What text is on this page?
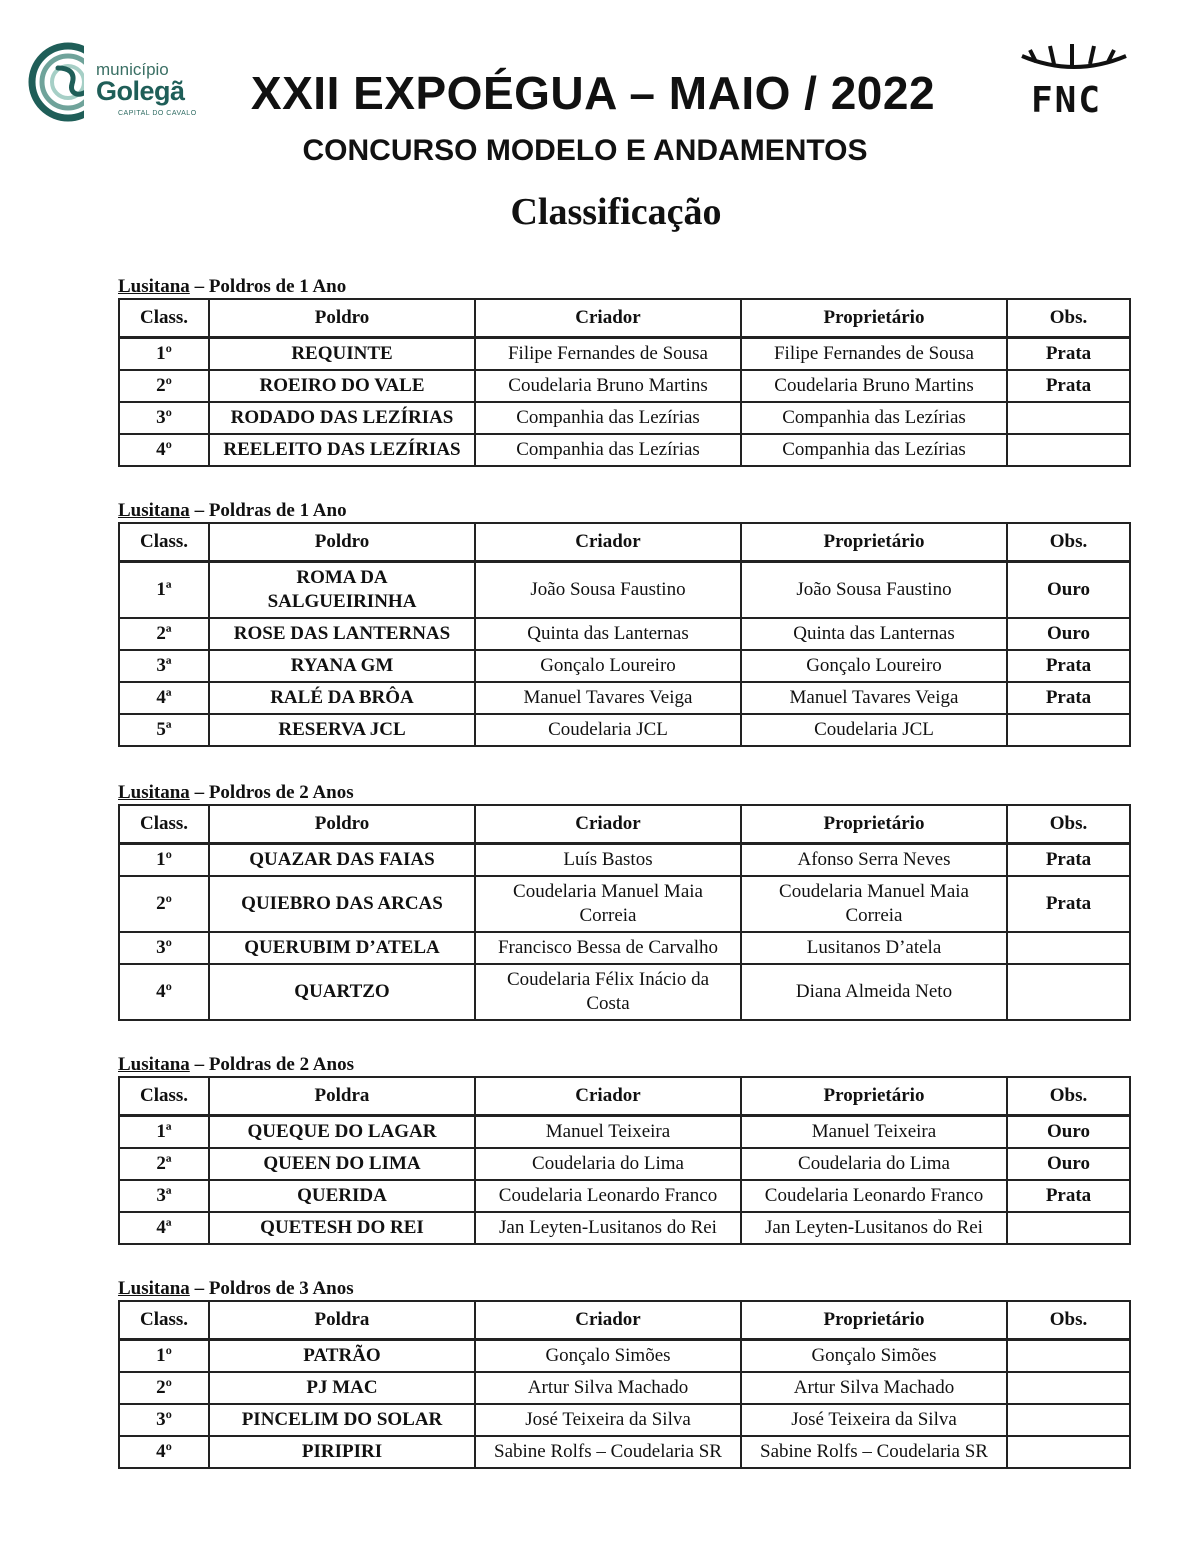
município
Golegã
CAPITAL DO CAVALO	XXII EXPOÉGUA – MAIO / 2022	FNC
CONCURSO MODELO E ANDAMENTOS
Classificação
Lusitana – Poldros de 1 Ano
Class.	Poldro	Criador	Proprietário	Obs.
1º	REQUINTE	Filipe Fernandes de Sousa	Filipe Fernandes de Sousa	Prata
2º	ROEIRO DO VALE	Coudelaria Bruno Martins	Coudelaria Bruno Martins	Prata
3º	RODADO DAS LEZÍRIAS	Companhia das Lezírias	Companhia das Lezírias	
4º	REELEITO DAS LEZÍRIAS	Companhia das Lezírias	Companhia das Lezírias	
Lusitana – Poldras de 1 Ano
Class.	Poldro	Criador	Proprietário	Obs.
1ª	ROMA DA SALGUEIRINHA	João Sousa Faustino	João Sousa Faustino	Ouro
2ª	ROSE DAS LANTERNAS	Quinta das Lanternas	Quinta das Lanternas	Ouro
3ª	RYANA GM	Gonçalo Loureiro	Gonçalo Loureiro	Prata
4ª	RALÉ DA BRÔA	Manuel Tavares Veiga	Manuel Tavares Veiga	Prata
5ª	RESERVA JCL	Coudelaria JCL	Coudelaria JCL	
Lusitana – Poldros de 2 Anos
Class.	Poldro	Criador	Proprietário	Obs.
1º	QUAZAR DAS FAIAS	Luís Bastos	Afonso Serra Neves	Prata
2º	QUIEBRO DAS ARCAS	Coudelaria Manuel Maia Correia	Coudelaria Manuel Maia Correia	Prata
3º	QUERUBIM D’ATELA	Francisco Bessa de Carvalho	Lusitanos D’atela	
4º	QUARTZO	Coudelaria Félix Inácio da Costa	Diana Almeida Neto	
Lusitana – Poldras de 2 Anos
Class.	Poldra	Criador	Proprietário	Obs.
1ª	QUEQUE DO LAGAR	Manuel Teixeira	Manuel Teixeira	Ouro
2ª	QUEEN DO LIMA	Coudelaria do Lima	Coudelaria do Lima	Ouro
3ª	QUERIDA	Coudelaria Leonardo Franco	Coudelaria Leonardo Franco	Prata
4ª	QUETESH DO REI	Jan Leyten-Lusitanos do Rei	Jan Leyten-Lusitanos do Rei	
Lusitana – Poldros de 3 Anos
Class.	Poldra	Criador	Proprietário	Obs.
1º	PATRÃO	Gonçalo Simões	Gonçalo Simões	
2º	PJ MAC	Artur Silva Machado	Artur Silva Machado	
3º	PINCELIM DO SOLAR	José Teixeira da Silva	José Teixeira da Silva	
4º	PIRIPIRI	Sabine Rolfs – Coudelaria SR	Sabine Rolfs – Coudelaria SR	
